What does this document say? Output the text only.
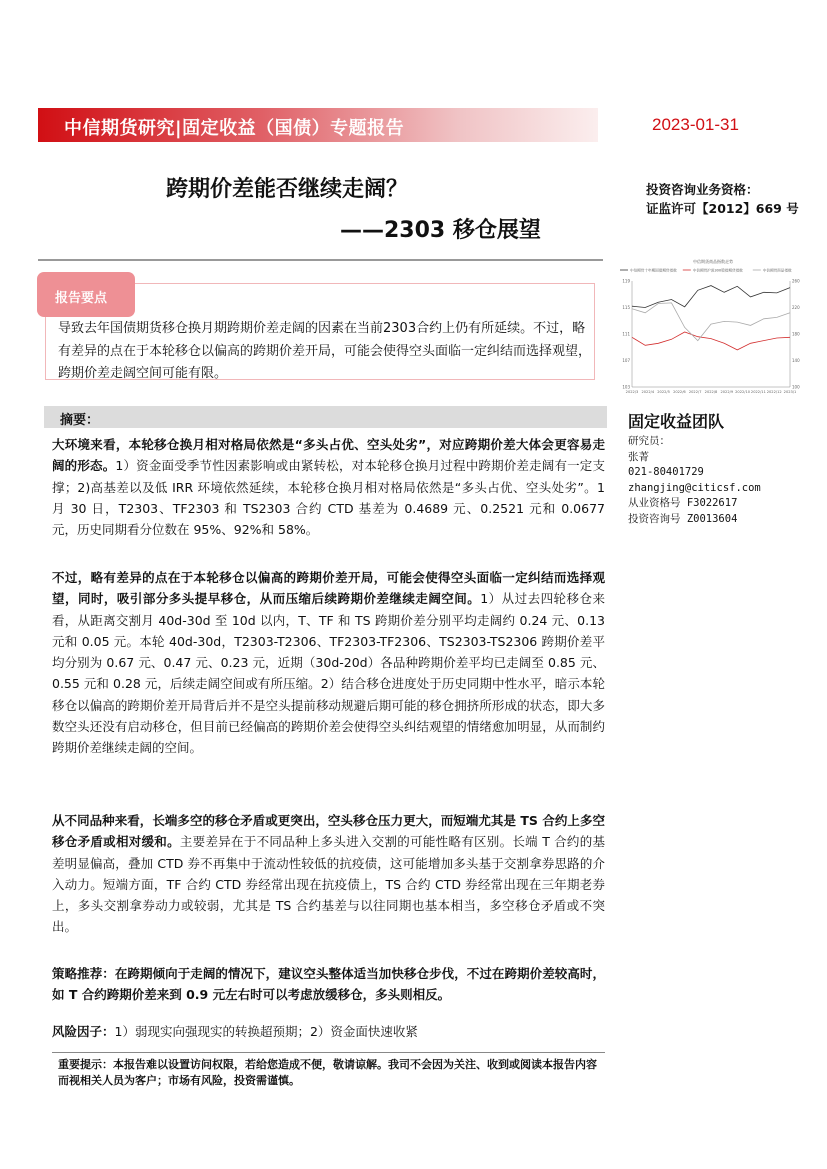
中信期货研究|固定收益（国债）专题报告	2023-01-31
跨期价差能否继续走阔？
——2303 移仓展望
投资咨询业务资格：
证监许可【2012】669 号
报告要点
导致去年国债期货移仓换月期跨期价差走阔的因素在当前2303合约上仍有所延续。不过，略有差异的点在于本轮移仓以偏高的跨期价差开局，可能会使得空头面临一定纠结而选择观望，跨期价差走阔空间可能有限。
摘要：
大环境来看，本轮移仓换月相对格局依然是“多头占优、空头处劣”，对应跨期价差大体会更容易走阔的形态。1）资金面受季节性因素影响或由紧转松，对本轮移仓换月过程中跨期价差走阔有一定支撑；2)高基差以及低 IRR 环境依然延续，本轮移仓换月相对格局依然是“多头占优、空头处劣”。1 月 30 日，T2303、TF2303 和 TS2303 合约 CTD 基差为 0.4689 元、0.2521 元和 0.0677 元，历史同期看分位数在 95%、92%和 58%。
不过，略有差异的点在于本轮移仓以偏高的跨期价差开局，可能会使得空头面临一定纠结而选择观望，同时，吸引部分多头提早移仓，从而压缩后续跨期价差继续走阔空间。1）从过去四轮移仓来看，从距离交割月 40d-30d 至 10d 以内，T、TF 和 TS 跨期价差分别平均走阔约 0.24 元、0.13 元和 0.05 元。本轮 40d-30d，T2303-T2306、TF2303-TF2306、TS2303-TS2306 跨期价差平均分别为 0.67 元、0.47 元、0.23 元，近期（30d-20d）各品种跨期价差平均已走阔至 0.85 元、0.55 元和 0.28 元，后续走阔空间或有所压缩。2）结合移仓进度处于历史同期中性水平，暗示本轮移仓以偏高的跨期价差开局背后并不是空头提前移动规避后期可能的移仓拥挤所形成的状态，即大多数空头还没有启动移仓，但目前已经偏高的跨期价差会使得空头纠结观望的情绪愈加明显，从而制约跨期价差继续走阔的空间。
从不同品种来看，长端多空的移仓矛盾或更突出，空头移仓压力更大，而短端尤其是 TS 合约上多空移仓矛盾或相对缓和。主要差异在于不同品种上多头进入交割的可能性略有区别。长端 T 合约的基差明显偏高，叠加 CTD 券不再集中于流动性较低的抗疫债，这可能增加多头基于交割拿券思路的介入动力。短端方面，TF 合约 CTD 券经常出现在抗疫债上，TS 合约 CTD 券经常出现在三年期老券上，多头交割拿券动力或较弱，尤其是 TS 合约基差与以往同期也基本相当，多空移仓矛盾或不突出。
策略推荐：在跨期倾向于走阔的情况下，建议空头整体适当加快移仓步伐，不过在跨期价差较高时，如 T 合约跨期价差来到 0.9 元左右时可以考虑放缓移仓，多头则相反。
风险因子：1）弱现实向强现实的转换超预期；2）资金面快速收紧
重要提示：本报告难以设置访问权限，若给您造成不便，敬请谅解。我司不会因为关注、收到或阅读本报告内容而视相关人员为客户；市场有风险，投资需谨慎。
中信期货商品指数走势
中信期货十年期国债期货指数	中信期货沪深300股指期货指数	中信期货商品指数
119
115
111
107
103
260
220
180
140
100
2022/3 2022/4 2022/5 2022/6 2022/7 2022/8 2022/9 2022/10 2022/11 2022/12 2023/1
固定收益团队
研究员：
张菁
021-80401729
zhangjing@citicsf.com
从业资格号 F3022617
投资咨询号 Z0013604
